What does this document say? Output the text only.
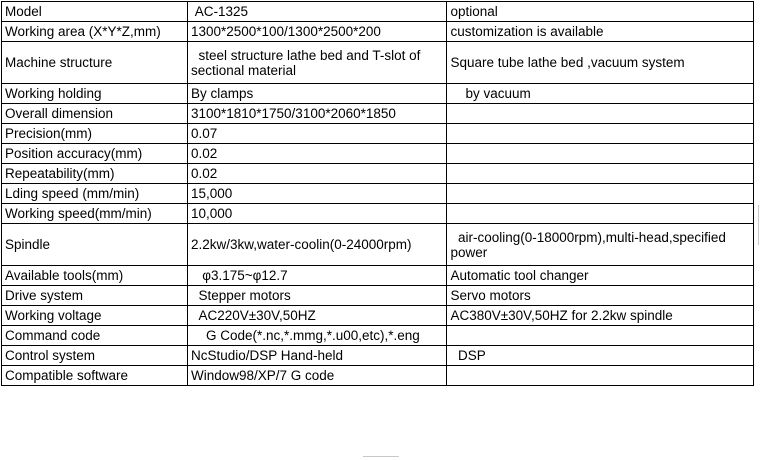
Model	AC-1325	optional
Working area (X*Y*Z,mm)	1300*2500*100/1300*2500*200	customization is available
Machine structure	steel structure lathe bed and T-slot of sectional material	Square tube lathe bed ,vacuum system
Working holding	By clamps	by vacuum
Overall dimension	3100*1810*1750/3100*2060*1850	
Precision(mm)	0.07	
Position accuracy(mm)	0.02	
Repeatability(mm)	0.02	
Lding speed (mm/min)	15,000	
Working speed(mm/min)	10,000	
Spindle	2.2kw/3kw,water-coolin(0-24000rpm)	air-cooling(0-18000rpm),multi-head,specified power
Available tools(mm)	φ3.175~φ12.7	Automatic tool changer
Drive system	Stepper motors	Servo motors
Working voltage	AC220V±30V,50HZ	AC380V±30V,50HZ for 2.2kw spindle
Command code	G Code(*.nc,*.mmg,*.u00,etc),*.eng	
Control system	NcStudio/DSP Hand-held	DSP
Compatible software	Window98/XP/7 G code	
